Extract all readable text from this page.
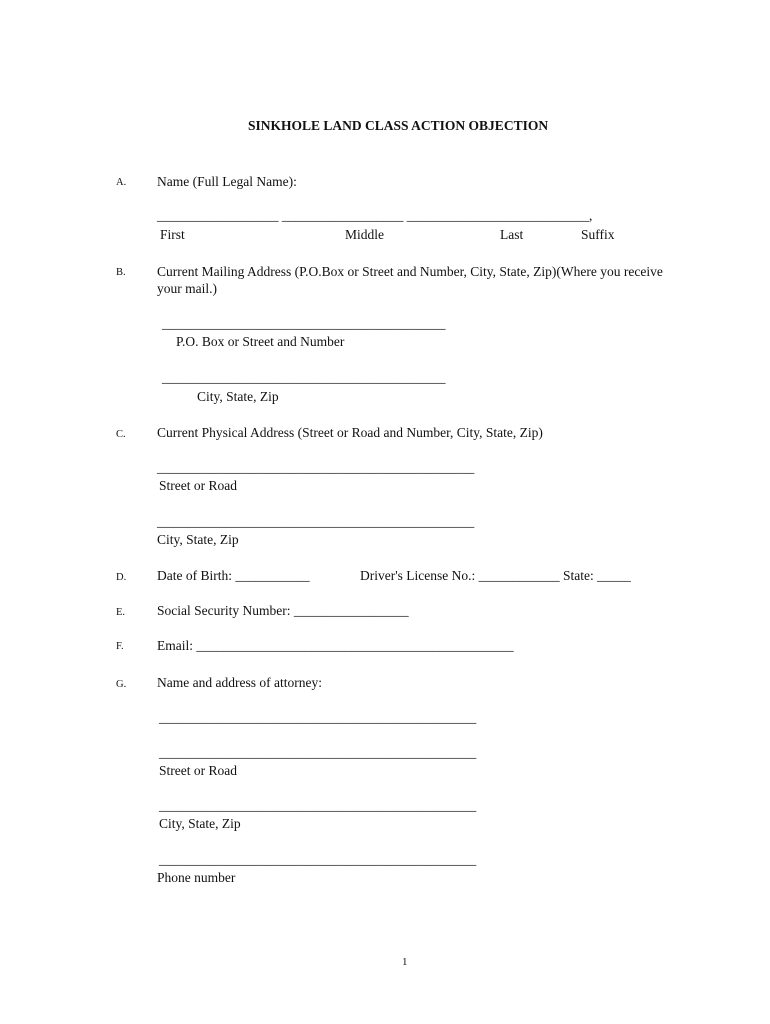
SINKHOLE LAND CLASS ACTION OBJECTION
A. Name (Full Legal Name):
__________________ __________________ ___________________________,
First	Middle	Last	Suffix
B. Current Mailing Address (P.O.Box or Street and Number, City, State, Zip)(Where you receive
your mail.)
__________________________________________
P.O. Box or Street and Number
__________________________________________
City, State, Zip
C. Current Physical Address (Street or Road and Number, City, State, Zip)
_______________________________________________
Street or Road
_______________________________________________
City, State, Zip
D. Date of Birth: ___________	Driver's License No.: ____________ State: _____
E. Social Security Number: _________________
F. Email: _______________________________________________
G. Name and address of attorney:
_______________________________________________
_______________________________________________
Street or Road
_______________________________________________
City, State, Zip
_______________________________________________
Phone number
1
